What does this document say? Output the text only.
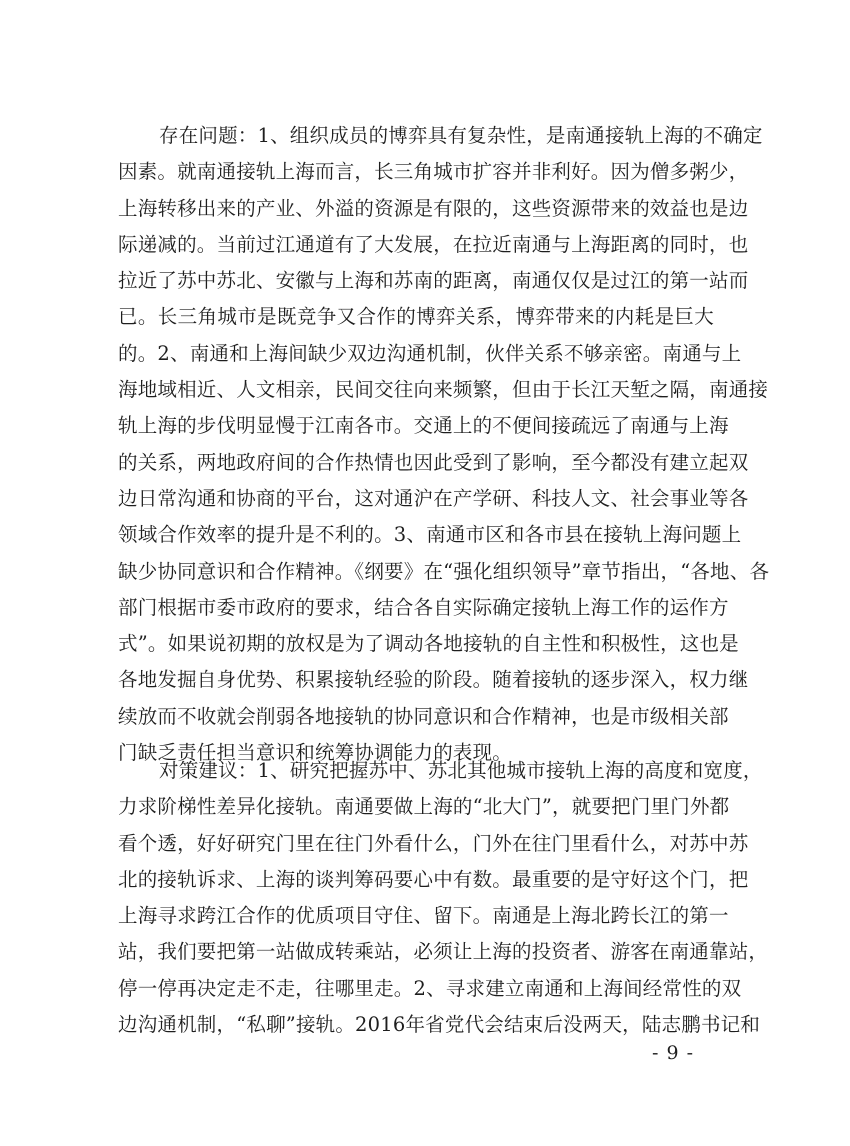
存在问题：1、组织成员的博弈具有复杂性，是南通接轨上海的不确定
因素。就南通接轨上海而言，长三角城市扩容并非利好。因为僧多粥少，
上海转移出来的产业、外溢的资源是有限的，这些资源带来的效益也是边
际递减的。当前过江通道有了大发展，在拉近南通与上海距离的同时，也
拉近了苏中苏北、安徽与上海和苏南的距离，南通仅仅是过江的第一站而
已。长三角城市是既竞争又合作的博弈关系，博弈带来的内耗是巨大
的。2、南通和上海间缺少双边沟通机制，伙伴关系不够亲密。南通与上
海地域相近、人文相亲，民间交往向来频繁，但由于长江天堑之隔，南通接
轨上海的步伐明显慢于江南各市。交通上的不便间接疏远了南通与上海
的关系，两地政府间的合作热情也因此受到了影响，至今都没有建立起双
边日常沟通和协商的平台，这对通沪在产学研、科技人文、社会事业等各
领域合作效率的提升是不利的。3、南通市区和各市县在接轨上海问题上
缺少协同意识和合作精神。《纲要》在“强化组织领导”章节指出，“各地、各
部门根据市委市政府的要求，结合各自实际确定接轨上海工作的运作方
式”。如果说初期的放权是为了调动各地接轨的自主性和积极性，这也是
各地发掘自身优势、积累接轨经验的阶段。随着接轨的逐步深入，权力继
续放而不收就会削弱各地接轨的协同意识和合作精神，也是市级相关部
门缺乏责任担当意识和统筹协调能力的表现。
对策建议：1、研究把握苏中、苏北其他城市接轨上海的高度和宽度，
力求阶梯性差异化接轨。南通要做上海的“北大门”，就要把门里门外都
看个透，好好研究门里在往门外看什么，门外在往门里看什么，对苏中苏
北的接轨诉求、上海的谈判筹码要心中有数。最重要的是守好这个门，把
上海寻求跨江合作的优质项目守住、留下。南通是上海北跨长江的第一
站，我们要把第一站做成转乘站，必须让上海的投资者、游客在南通靠站，
停一停再决定走不走，往哪里走。2、寻求建立南通和上海间经常性的双
边沟通机制，“私聊”接轨。2016年省党代会结束后没两天，陆志鹏书记和
- 9 -
